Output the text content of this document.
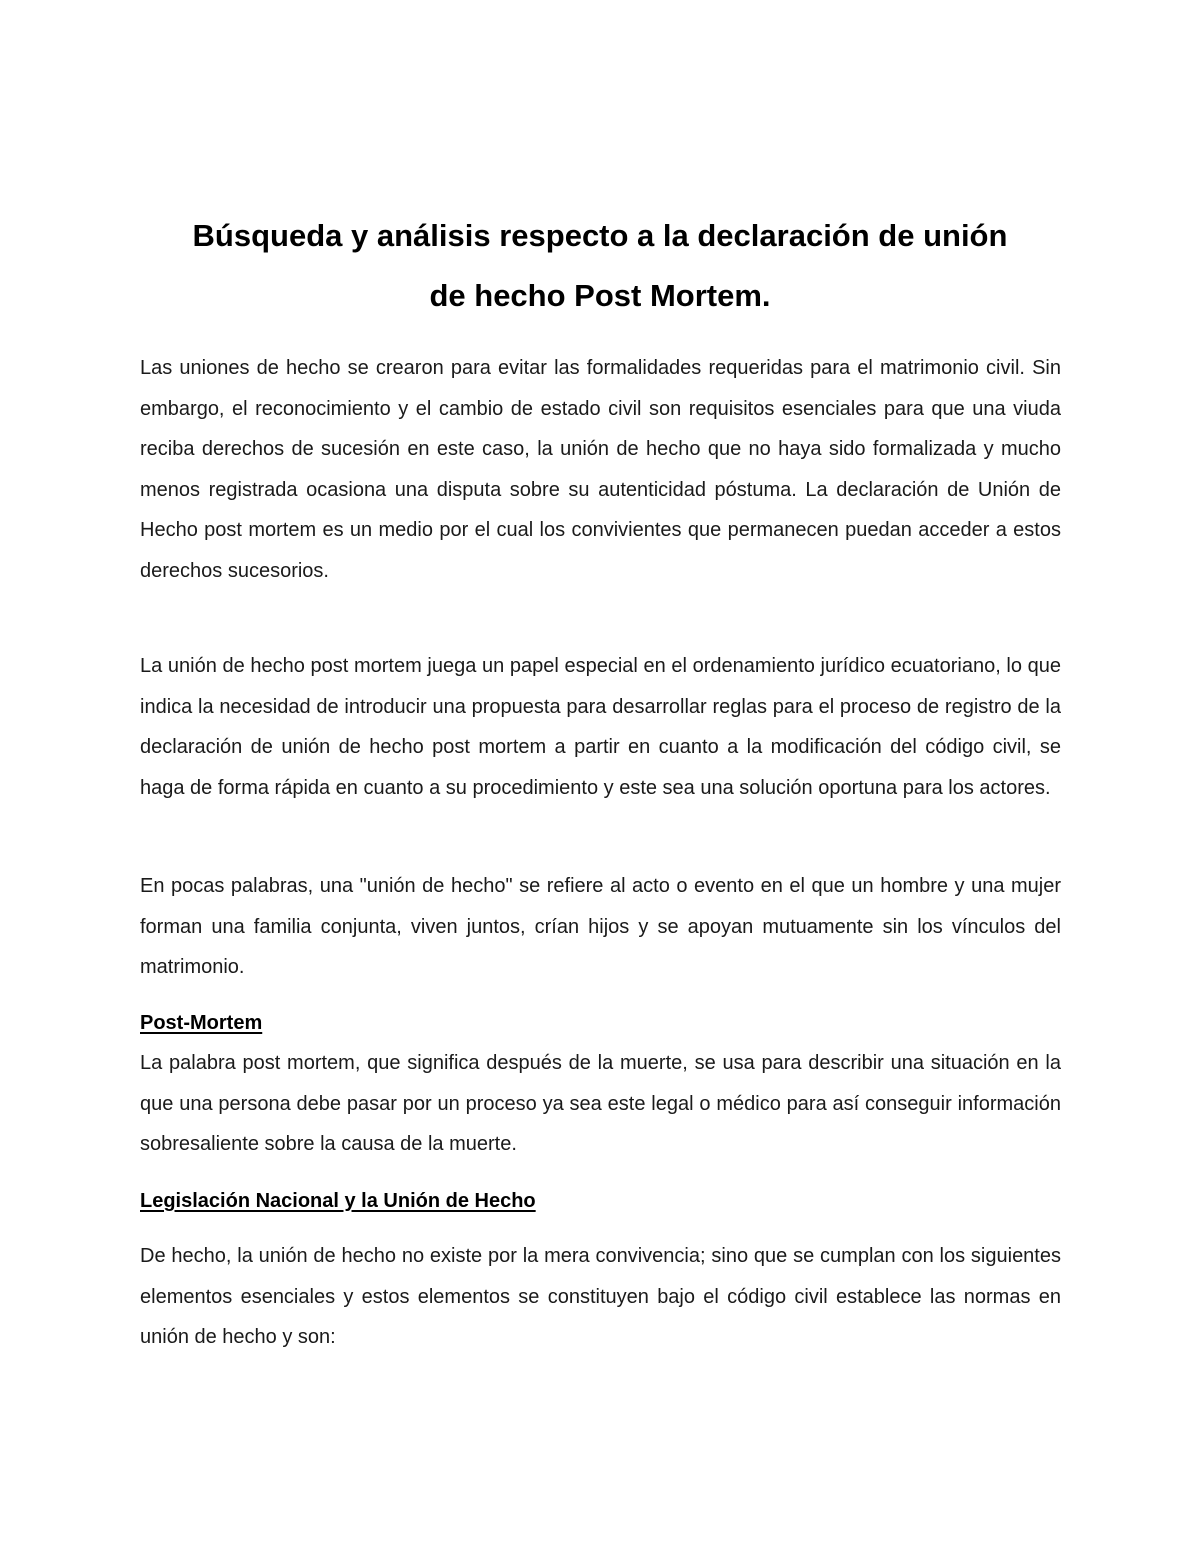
Búsqueda y análisis respecto a la declaración de unión de hecho Post Mortem.

Las uniones de hecho se crearon para evitar las formalidades requeridas para el matrimonio civil. Sin embargo, el reconocimiento y el cambio de estado civil son requisitos esenciales para que una viuda reciba derechos de sucesión en este caso, la unión de hecho que no haya sido formalizada y mucho menos registrada ocasiona una disputa sobre su autenticidad póstuma. La declaración de Unión de Hecho post mortem es un medio por el cual los convivientes que permanecen puedan acceder a estos derechos sucesorios.

La unión de hecho post mortem juega un papel especial en el ordenamiento jurídico ecuatoriano, lo que indica la necesidad de introducir una propuesta para desarrollar reglas para el proceso de registro de la declaración de unión de hecho post mortem a partir en cuanto a la modificación del código civil, se haga de forma rápida en cuanto a su procedimiento y este sea una solución oportuna para los actores.

En pocas palabras, una "unión de hecho" se refiere al acto o evento en el que un hombre y una mujer forman una familia conjunta, viven juntos, crían hijos y se apoyan mutuamente sin los vínculos del matrimonio.

Post-Mortem

La palabra post mortem, que significa después de la muerte, se usa para describir una situación en la que una persona debe pasar por un proceso ya sea este legal o médico para así conseguir información sobresaliente sobre la causa de la muerte.

Legislación Nacional y la Unión de Hecho

De hecho, la unión de hecho no existe por la mera convivencia; sino que se cumplan con los siguientes elementos esenciales y estos elementos se constituyen bajo el código civil establece las normas en unión de hecho y son:
